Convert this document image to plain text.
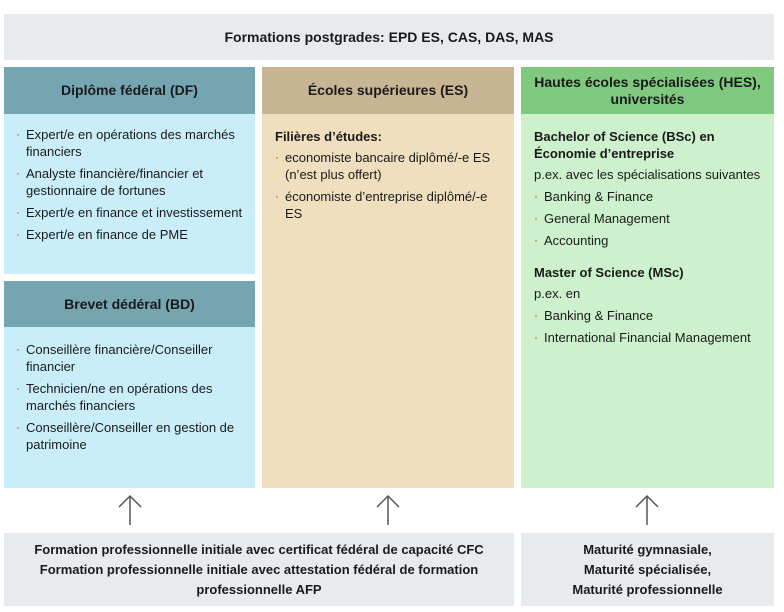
Formations postgrades: EPD ES, CAS, DAS, MAS
Diplôme fédéral (DF)	Écoles supérieures (ES)
Hautes écoles spécialisées (HES), universités
· Expert/e en opérations des marchés financiers
· Analyste financière/financier et gestionnaire de fortunes
· Expert/e en finance et investissement
· Expert/e en finance de PME
Brevet dédéral (BD)
· Conseillère financière/Conseiller financier
· Technicien/ne en opérations des marchés financiers
· Conseillère/Conseiller en gestion de patrimoine
Filières d’études:
· economiste bancaire diplômé/-e ES (n’est plus offert)
· économiste d’entreprise diplômé/-e ES
Bachelor of Science (BSc) en Économie d’entreprise
p.ex. avec les spécialisations suivantes
· Banking & Finance
· General Management
· Accounting
Master of Science (MSc)
p.ex. en
· Banking & Finance
· International Financial Management
Formation professionnelle initiale avec certificat fédéral de capacité CFC
Formation professionnelle initiale avec attestation fédéral de formation
professionnelle AFP
Maturité gymnasiale,
Maturité spécialisée,
Maturité professionnelle
